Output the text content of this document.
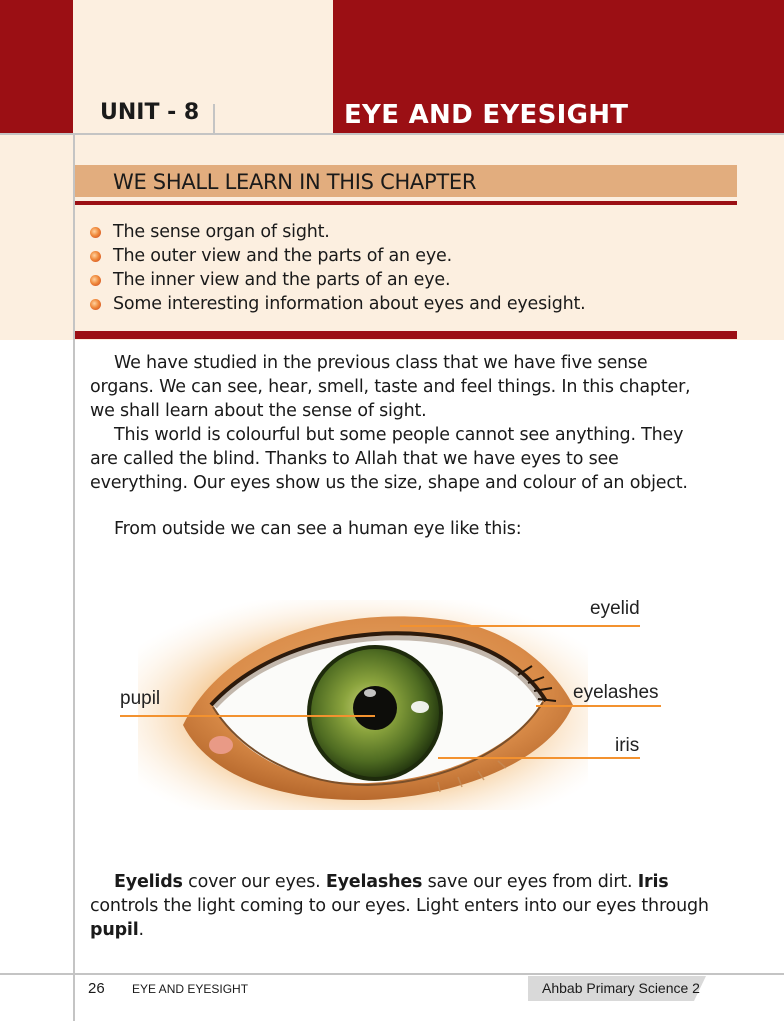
UNIT - 8	EYE AND EYESIGHT
WE SHALL LEARN IN THIS CHAPTER
The sense organ of sight.
The outer view and the parts of an eye.
The inner view and the parts of an eye.
Some interesting information about eyes and eyesight.

We have studied in the previous class that we have five sense organs. We can see, hear, smell, taste and feel things. In this chapter, we shall learn about the sense of sight.

This world is colourful but some people cannot see anything. They are called the blind. Thanks to Allah that we have eyes to see everything. Our eyes show us the size, shape and colour of an object.

From outside we can see a human eye like this:

eyelid
pupil	eyelashes
iris

Eyelids cover our eyes. Eyelashes save our eyes from dirt. Iris controls the light coming to our eyes. Light enters into our eyes through pupil.

26 EYE AND EYESIGHT	Ahbab Primary Science 2
